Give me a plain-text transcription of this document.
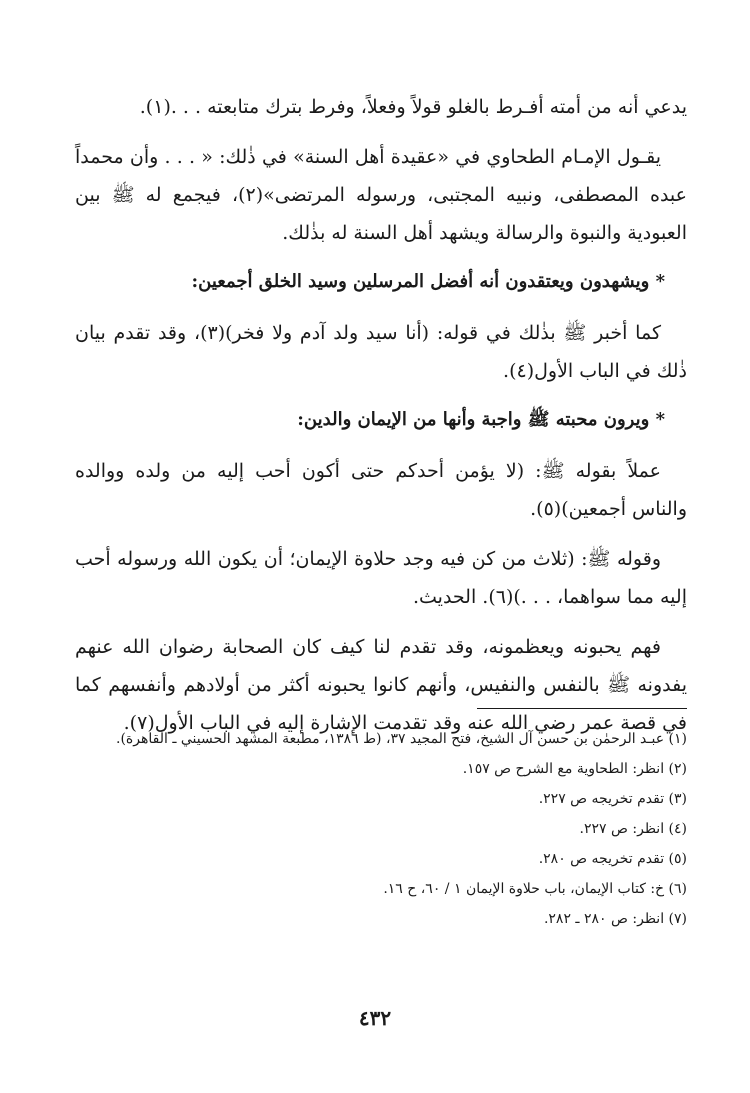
يدعي أنه من أمته أفـرط بالغلو قولاً وفعلاً، وفرط بترك متابعته . . .(١).

يقـول الإمـام الطحاوي في «عقيدة أهل السنة» في ذٰلك: « . . . وأن محمداً عبده المصطفى، ونبيه المجتبى، ورسوله المرتضى»(٢)، فيجمع له ﷺ بين العبودية والنبوة والرسالة ويشهد أهل السنة له بذٰلك.

* ويشهدون ويعتقدون أنه أفضل المرسلين وسيد الخلق أجمعين:

كما أخبر ﷺ بذٰلك في قوله: (أنا سيد ولد آدم ولا فخر)(٣)، وقد تقدم بيان ذٰلك في الباب الأول(٤).

* ويرون محبته ﷺ واجبة وأنها من الإيمان والدين:

عملاً بقوله ﷺ: (لا يؤمن أحدكم حتى أكون أحب إليه من ولده ووالده والناس أجمعين)(٥).

وقوله ﷺ: (ثلاث من كن فيه وجد حلاوة الإيمان؛ أن يكون الله ورسوله أحب إليه مما سواهما، . . .)(٦). الحديث.

فهم يحبونه ويعظمونه، وقد تقدم لنا كيف كان الصحابة رضوان الله عنهم يفدونه ﷺ بالنفس والنفيس، وأنهم كانوا يحبونه أكثر من أولادهم وأنفسهم كما في قصة عمر رضي الله عنه وقد تقدمت الإشارة إليه في الباب الأول(٧).

(١) عبـد الرحمٰن بن حسن آل الشيخ، فتح المجيد ٣٧، (ط ١٣٨٦، مطبعة المشهد الحسيني ـ القاهرة).

(٢) انظر: الطحاوية مع الشرح ص ١٥٧.

(٣) تقدم تخريجه ص ٢٢٧.

(٤) انظر: ص ٢٢٧.

(٥) تقدم تخريجه ص ٢٨٠.

(٦) خ: كتاب الإيمان، باب حلاوة الإيمان ١ / ٦٠، ح ١٦.

(٧) انظر: ص ٢٨٠ ـ ٢٨٢.

٤٣٢
